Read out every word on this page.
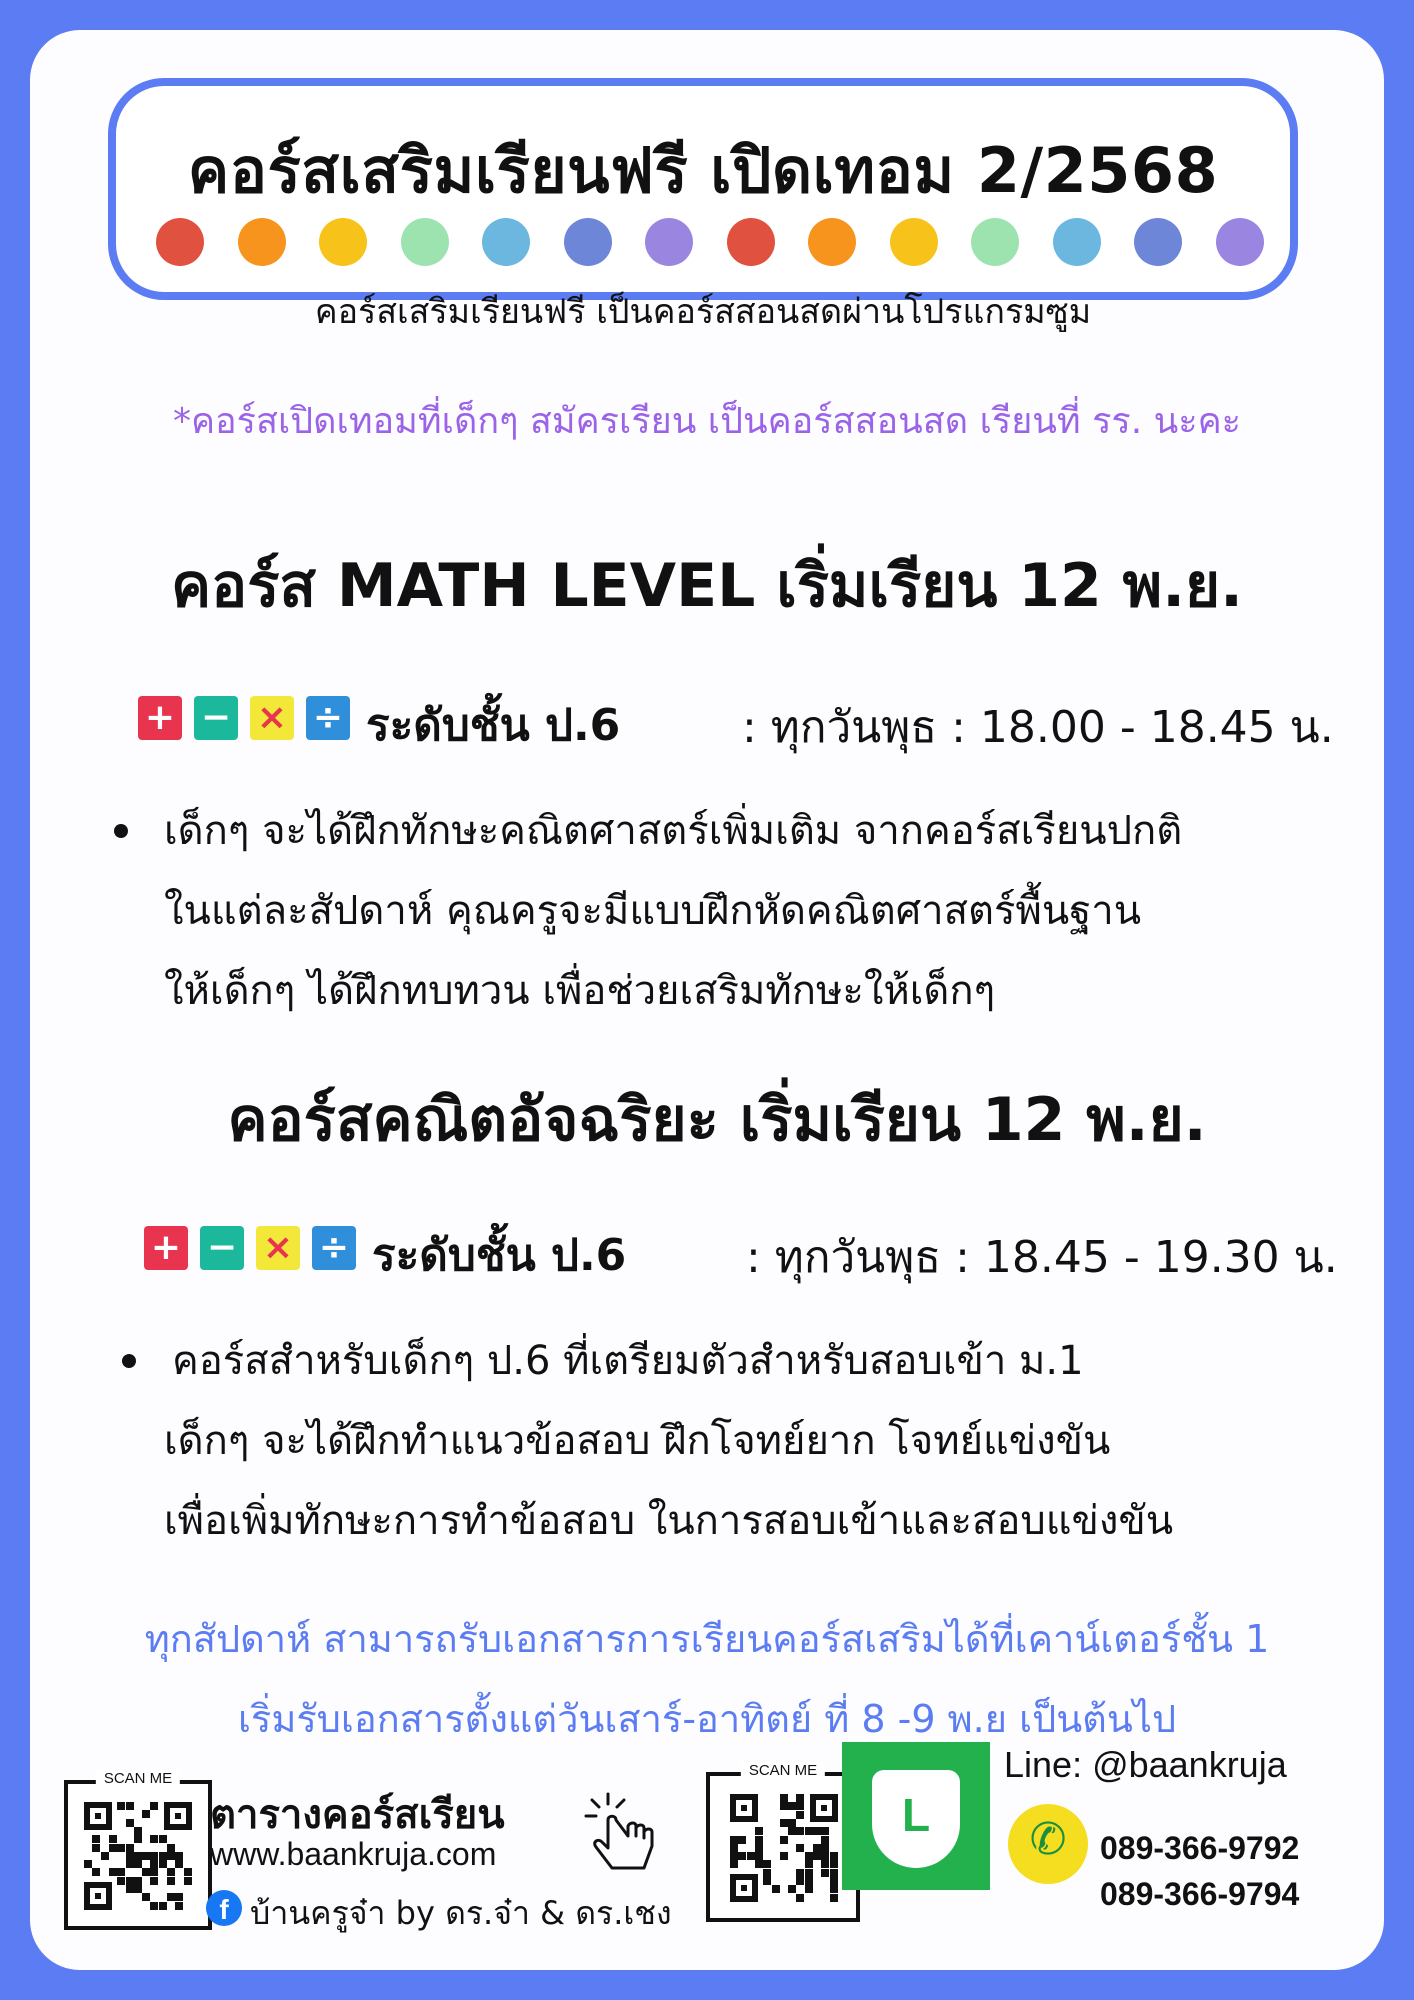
คอร์สเสริมเรียนฟรี เปิดเทอม 2/2568
คอร์สเสริมเรียนฟรี เป็นคอร์สสอนสดผ่านโปรแกรมซูม
*คอร์สเปิดเทอมที่เด็กๆ สมัครเรียน เป็นคอร์สสอนสด เรียนที่ รร. นะคะ
คอร์ส MATH LEVEL เริ่มเรียน 12 พ.ย.
+ − × ÷ ระดับชั้น ป.6	: ทุกวันพุธ : 18.00 - 18.45 น.
เด็กๆ จะได้ฝึกทักษะคณิตศาสตร์เพิ่มเติม จากคอร์สเรียนปกติ
ในแต่ละสัปดาห์ คุณครูจะมีแบบฝึกหัดคณิตศาสตร์พื้นฐาน
ให้เด็กๆ ได้ฝึกทบทวน เพื่อช่วยเสริมทักษะให้เด็กๆ
คอร์สคณิตอัจฉริยะ เริ่มเรียน 12 พ.ย.
+ − × ÷ ระดับชั้น ป.6	: ทุกวันพุธ : 18.45 - 19.30 น.
คอร์สสำหรับเด็กๆ ป.6 ที่เตรียมตัวสำหรับสอบเข้า ม.1
เด็กๆ จะได้ฝึกทำแนวข้อสอบ ฝึกโจทย์ยาก โจทย์แข่งขัน
เพื่อเพิ่มทักษะการทำข้อสอบ ในการสอบเข้าและสอบแข่งขัน
ทุกสัปดาห์ สามารถรับเอกสารการเรียนคอร์สเสริมได้ที่เคาน์เตอร์ชั้น 1
เริ่มรับเอกสารตั้งแต่วันเสาร์-อาทิตย์ ที่ 8 -9 พ.ย เป็นต้นไป
SCAN ME
ตารางคอร์สเรียน
www.baankruja.com
f บ้านครูจ๋า by ดร.จ๋า & ดร.เชง
SCAN ME
L
Line: @baankruja
✆	089-366-9792
089-366-9794
